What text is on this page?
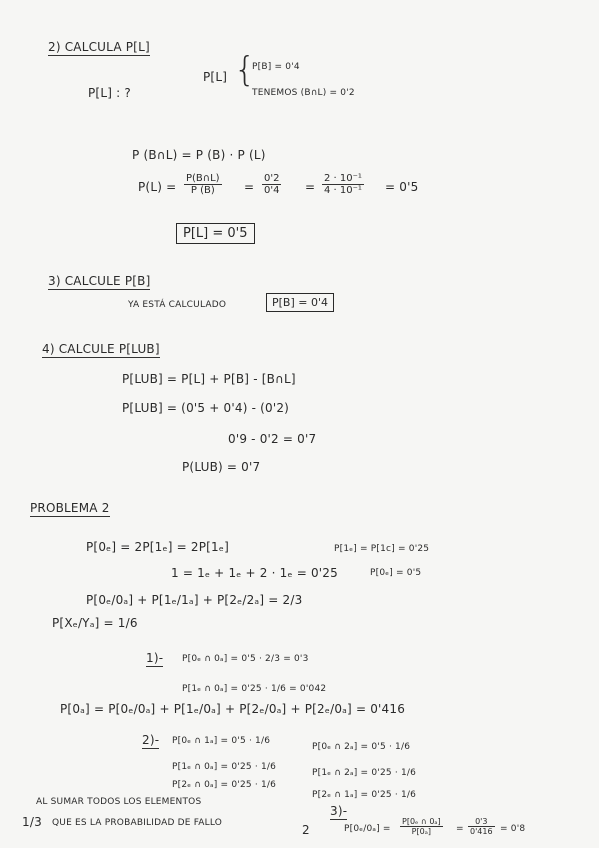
2) CALCULA P[L]
P[L] : ?
P[L] {
P[B] = 0'4
TENEMOS (B∩L) = 0'2
P (B∩L) = P (B) · P (L)
$P(L) = \frac{P(B\cap L)}{P (B)} = \frac{0'2}{0'4} = \frac{\text{2 · 10⁻¹}}{\text{4 · 10⁻¹}} = 0'5$
P[L] = 0'5
3) CALCULE P[B]
YA ESTÁ CALCULADO	P[B] = 0'4
4) CALCULE P[LUB]
P[LUB] = P[L] + P[B] - [B∩L]
P[LUB] = (0'5 + 0'4) - (0'2)
0'9 - 0'2 = 0'7
P(LUB) = 0'7
PROBLEMA 2
P[0ₑ] = 2P[1ₑ] = 2P[1ₑ]	P[1ₑ] = P[1c] = 0'25
1 = 1ₑ + 1ₑ + 2 · 1ₑ = 0'25	P[0ₑ] = 0'5
P[0ₑ/0ₐ] + P[1ₑ/1ₐ] + P[2ₑ/2ₐ] = 2/3
P[Xₑ/Yₐ] = 1/6
1)- P[0ₑ ∩ 0ₐ] = 0'5 · 2/3 = 0'3
P[1ₑ ∩ 0ₐ] = 0'25 · 1/6 = 0'042
P[0ₐ] = P[0ₑ/0ₐ] + P[1ₑ/0ₐ] + P[2ₑ/0ₐ] + P[2ₑ/0ₐ] = 0'416
2)- P[0ₑ ∩ 1ₐ] = 0'5 · 1/6
P[0ₑ ∩ 2ₐ] = 0'5 · 1/6
P[1ₑ ∩ 0ₐ] = 0'25 · 1/6
P[1ₑ ∩ 2ₐ] = 0'25 · 1/6
P[2ₑ ∩ 0ₐ] = 0'25 · 1/6
P[2ₑ ∩ 1ₐ] = 0'25 · 1/6
AL SUMAR TODOS LOS ELEMENTOS
1/3 QUE ES LA PROBABILIDAD DE FALLO	2
3)-
$P[0_e/0_a] = \frac{\text{P[0ₑ ∩ 0ₐ]}}{\text{P[0ₐ]}} = \frac{0'3}{0'416} = 0'8$
